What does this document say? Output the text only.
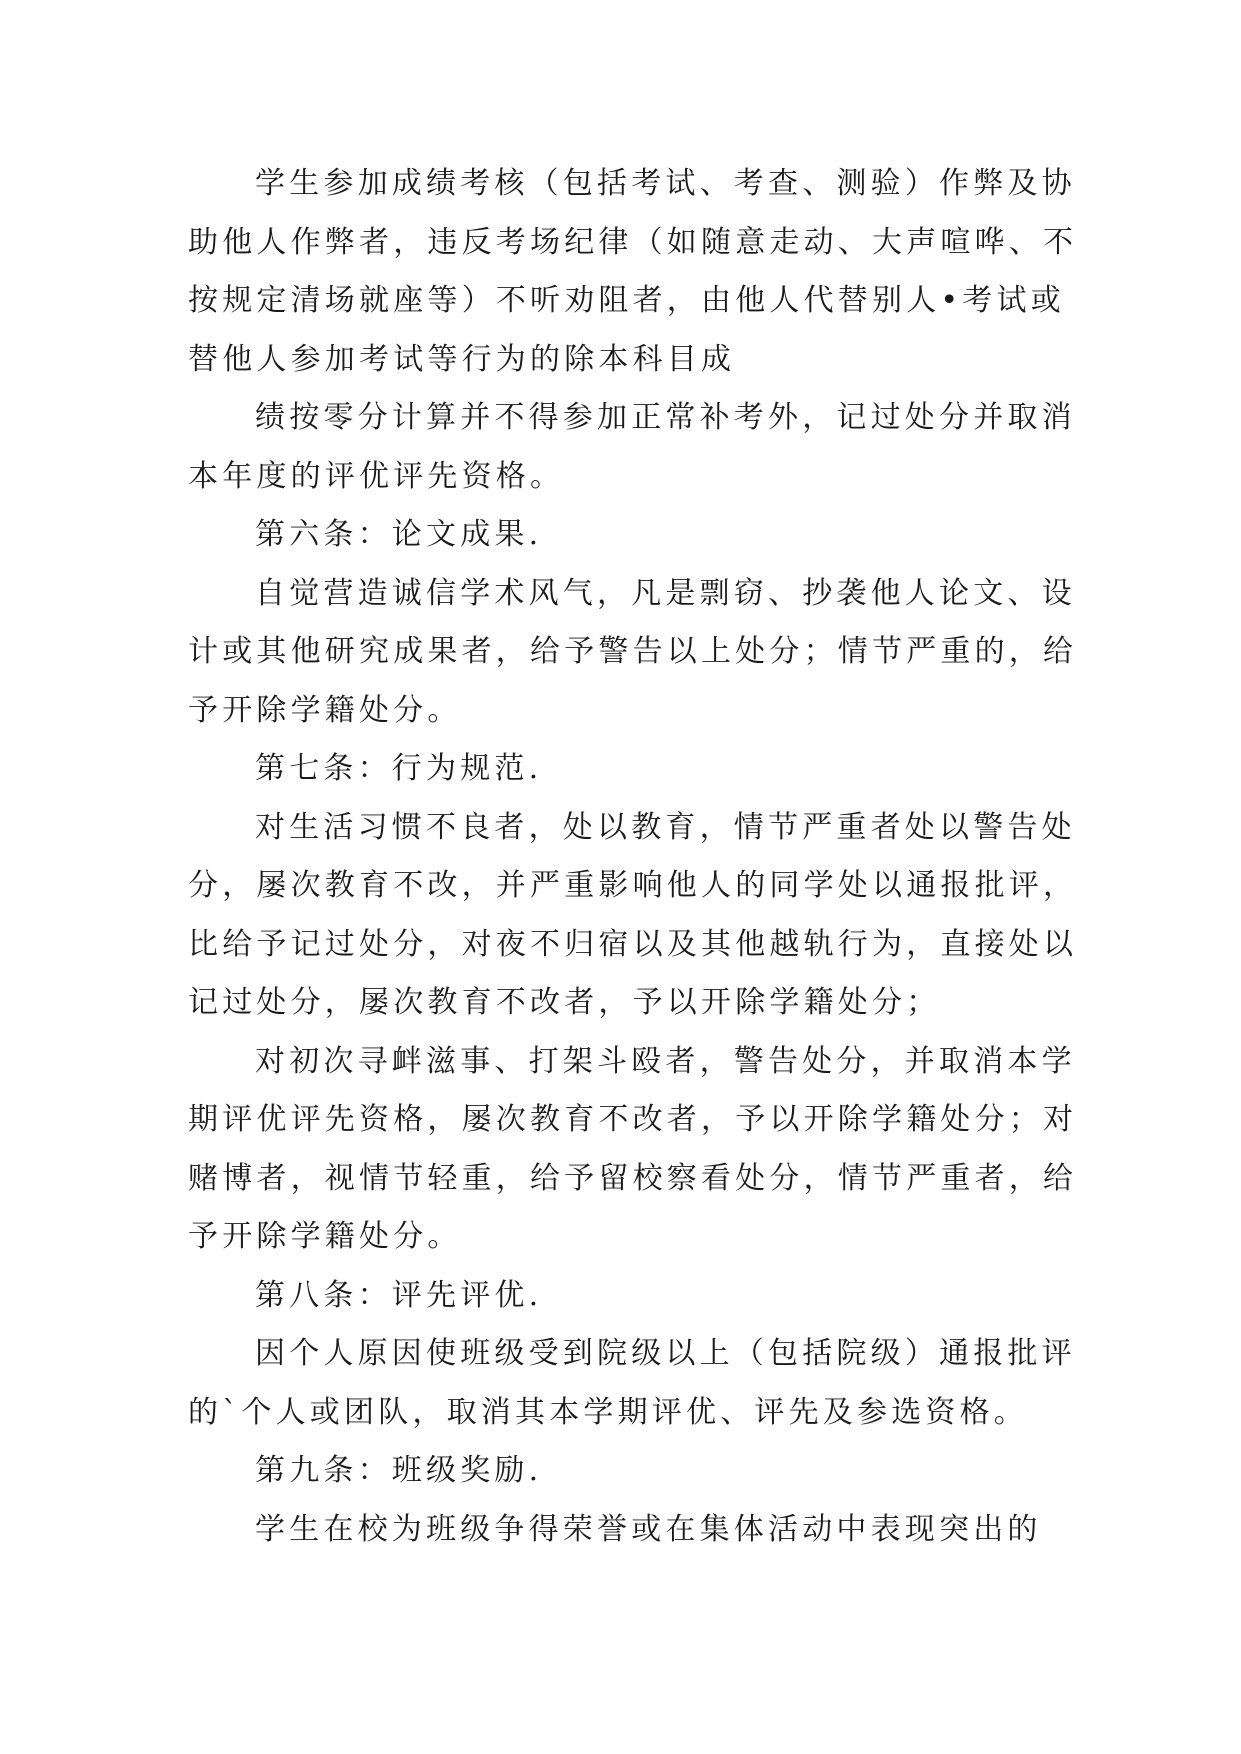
学生参加成绩考核（包括考试、考查、测验）作弊及协
助他人作弊者，违反考场纪律（如随意走动、大声喧哗、不
按规定清场就座等）不听劝阻者，由他人代替别人•考试或
替他人参加考试等行为的除本科目成
绩按零分计算并不得参加正常补考外，记过处分并取消
本年度的评优评先资格。
第六条：论文成果.
自觉营造诚信学术风气，凡是剽窃、抄袭他人论文、设
计或其他研究成果者，给予警告以上处分；情节严重的，给
予开除学籍处分。
第七条：行为规范.
对生活习惯不良者，处以教育，情节严重者处以警告处
分，屡次教育不改，并严重影响他人的同学处以通报批评，
比给予记过处分，对夜不归宿以及其他越轨行为，直接处以
记过处分，屡次教育不改者，予以开除学籍处分；
对初次寻衅滋事、打架斗殴者，警告处分，并取消本学
期评优评先资格，屡次教育不改者，予以开除学籍处分；对
赌博者，视情节轻重，给予留校察看处分，情节严重者，给
予开除学籍处分。
第八条：评先评优.
因个人原因使班级受到院级以上（包括院级）通报批评
的`个人或团队，取消其本学期评优、评先及参选资格。
第九条：班级奖励.
学生在校为班级争得荣誉或在集体活动中表现突出的
